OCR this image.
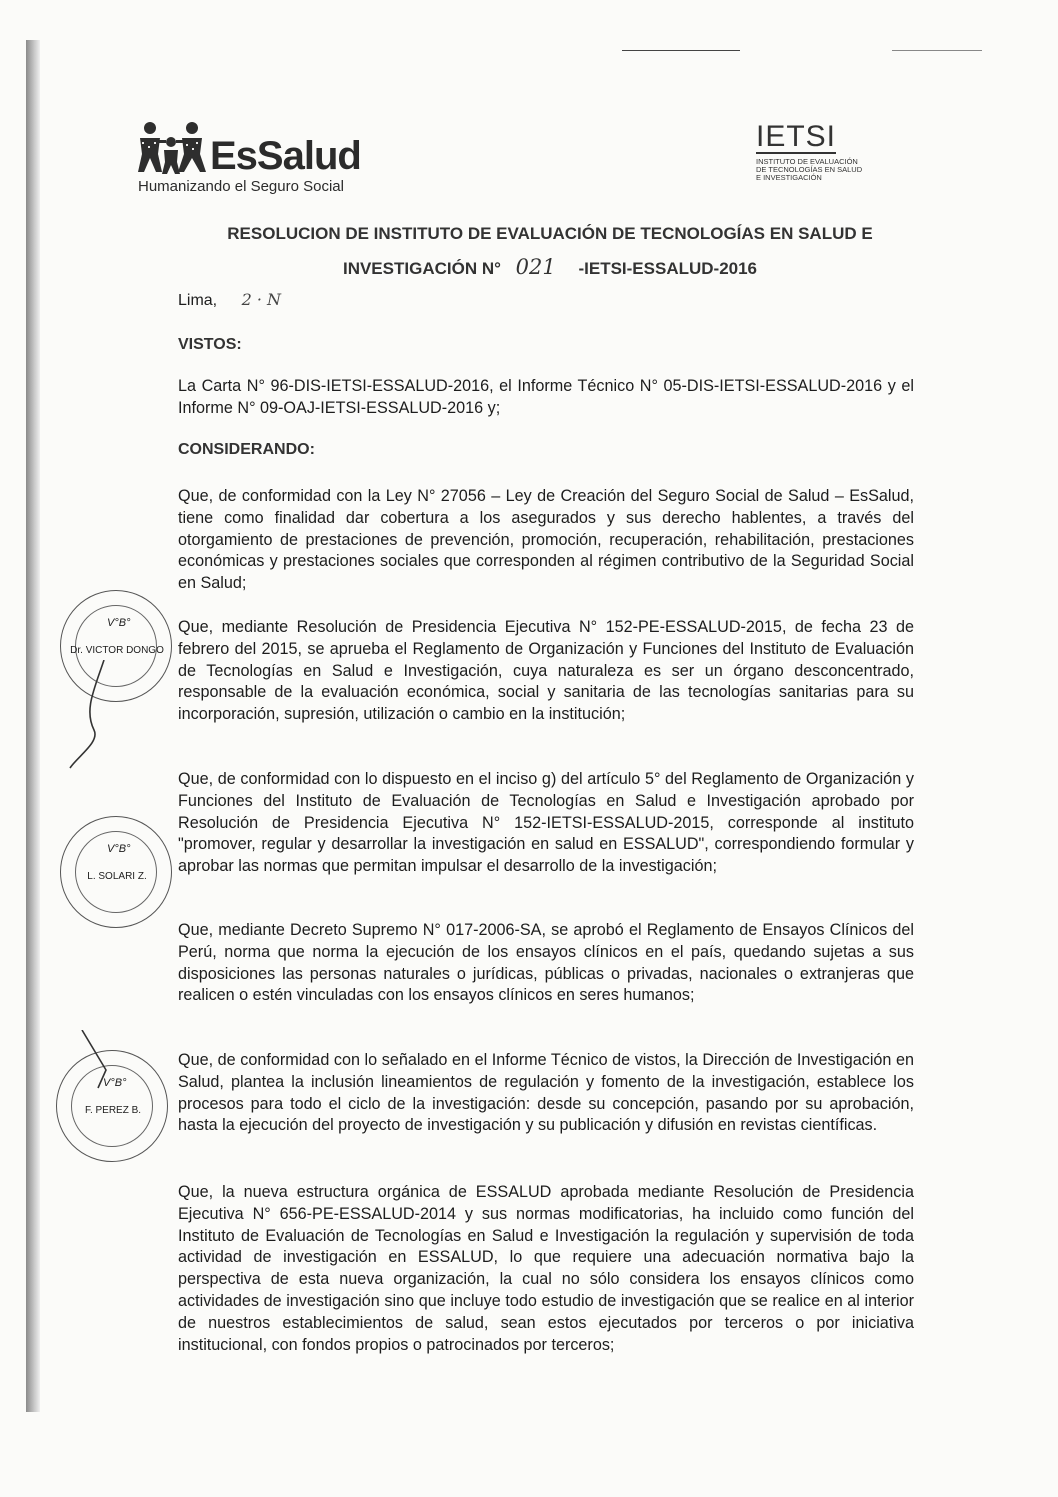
EsSalud
Humanizando el Seguro Social
IETSI
INSTITUTO DE EVALUACIÓN DE TECNOLOGÍAS EN SALUD E INVESTIGACIÓN
RESOLUCION DE INSTITUTO DE EVALUACIÓN DE TECNOLOGÍAS EN SALUD E
INVESTIGACIÓN N° 021 -IETSI-ESSALUD-2016
Lima, 2 · N
VISTOS:
La Carta N° 96-DIS-IETSI-ESSALUD-2016, el Informe Técnico N° 05-DIS-IETSI-ESSALUD-2016 y el Informe N° 09-OAJ-IETSI-ESSALUD-2016 y;
CONSIDERANDO:
Que, de conformidad con la Ley N° 27056 – Ley de Creación del Seguro Social de Salud – EsSalud, tiene como finalidad dar cobertura a los asegurados y sus derecho hablentes, a través del otorgamiento de prestaciones de prevención, promoción, recuperación, rehabilitación, prestaciones económicas y prestaciones sociales que corresponden al régimen contributivo de la Seguridad Social en Salud;
Que, mediante Resolución de Presidencia Ejecutiva N° 152-PE-ESSALUD-2015, de fecha 23 de febrero del 2015, se aprueba el Reglamento de Organización y Funciones del Instituto de Evaluación de Tecnologías en Salud e Investigación, cuya naturaleza es ser un órgano desconcentrado, responsable de la evaluación económica, social y sanitaria de las tecnologías sanitarias para su incorporación, supresión, utilización o cambio en la institución;
Que, de conformidad con lo dispuesto en el inciso g) del artículo 5° del Reglamento de Organización y Funciones del Instituto de Evaluación de Tecnologías en Salud e Investigación aprobado por Resolución de Presidencia Ejecutiva N° 152-IETSI-ESSALUD-2015, corresponde al instituto "promover, regular y desarrollar la investigación en salud en ESSALUD", correspondiendo formular y aprobar las normas que permitan impulsar el desarrollo de la investigación;
Que, mediante Decreto Supremo N° 017-2006-SA, se aprobó el Reglamento de Ensayos Clínicos del Perú, norma que norma la ejecución de los ensayos clínicos en el país, quedando sujetas a sus disposiciones las personas naturales o jurídicas, públicas o privadas, nacionales o extranjeras que realicen o estén vinculadas con los ensayos clínicos en seres humanos;
Que, de conformidad con lo señalado en el Informe Técnico de vistos, la Dirección de Investigación en Salud, plantea la inclusión lineamientos de regulación y fomento de la investigación, establece los procesos para todo el ciclo de la investigación: desde su concepción, pasando por su aprobación, hasta la ejecución del proyecto de investigación y su publicación y difusión en revistas científicas.
Que, la nueva estructura orgánica de ESSALUD aprobada mediante Resolución de Presidencia Ejecutiva N° 656-PE-ESSALUD-2014 y sus normas modificatorias, ha incluido como función del Instituto de Evaluación de Tecnologías en Salud e Investigación la regulación y supervisión de toda actividad de investigación en ESSALUD, lo que requiere una adecuación normativa bajo la perspectiva de esta nueva organización, la cual no sólo considera los ensayos clínicos como actividades de investigación sino que incluye todo estudio de investigación que se realice en al interior de nuestros establecimientos de salud, sean estos ejecutados por terceros o por iniciativa institucional, con fondos propios o patrocinados por terceros;
V°B°
Dr. VICTOR DONGO
V°B°
L. SOLARI Z.
V°B°
F. PEREZ B.
